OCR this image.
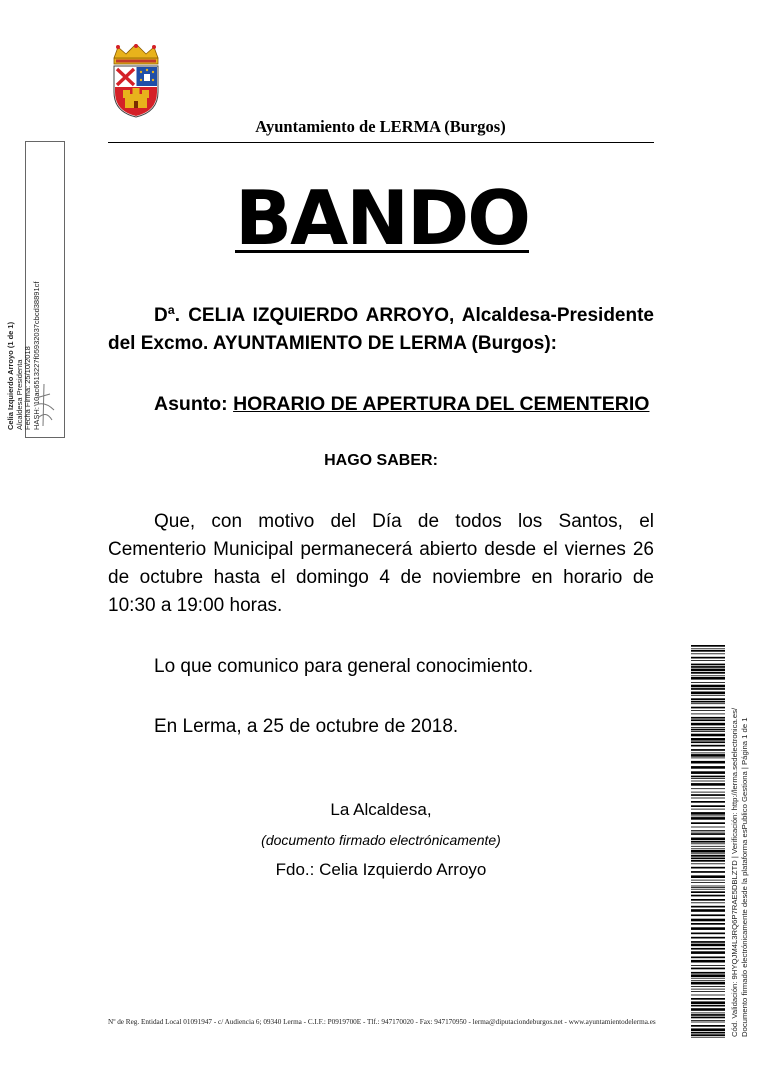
Ayuntamiento de LERMA (Burgos)
BANDO
Dª. CELIA IZQUIERDO ARROYO, Alcaldesa-Presidente del Excmo. AYUNTAMIENTO DE LERMA (Burgos):
Asunto: HORARIO DE APERTURA DEL CEMENTERIO
HAGO SABER:
Que, con motivo del Día de todos los Santos, el Cementerio Municipal permanecerá abierto desde el viernes 26 de octubre hasta el domingo 4 de noviembre en horario de 10:30 a 19:00 horas.
Lo que comunico para general conocimiento.
En Lerma, a 25 de octubre de 2018.
La Alcaldesa,
(documento firmado electrónicamente)
Fdo.: Celia Izquierdo Arroyo
Nº de Reg. Entidad Local 01091947 - c/ Audiencia 6; 09340 Lerma - C.I.F.: P0919700E - Tlf.: 947170020 - Fax: 947170950 - lerma@diputaciondeburgos.net - www.ayuntamientodelerma.es
Celia Izquierdo Arroyo (1 de 1) Alcaldesa Presidenta Fecha Firma: 25/10/2018 HASH: 10ac6513227f05932037cbcd38891cf
Cód. Validación: 9HYQJM4L3RQ6P7RAE5DBLZTD | Verificación: http://lerma.sedelectronica.es/ Documento firmado electrónicamente desde la plataforma esPublico Gestiona | Página 1 de 1
